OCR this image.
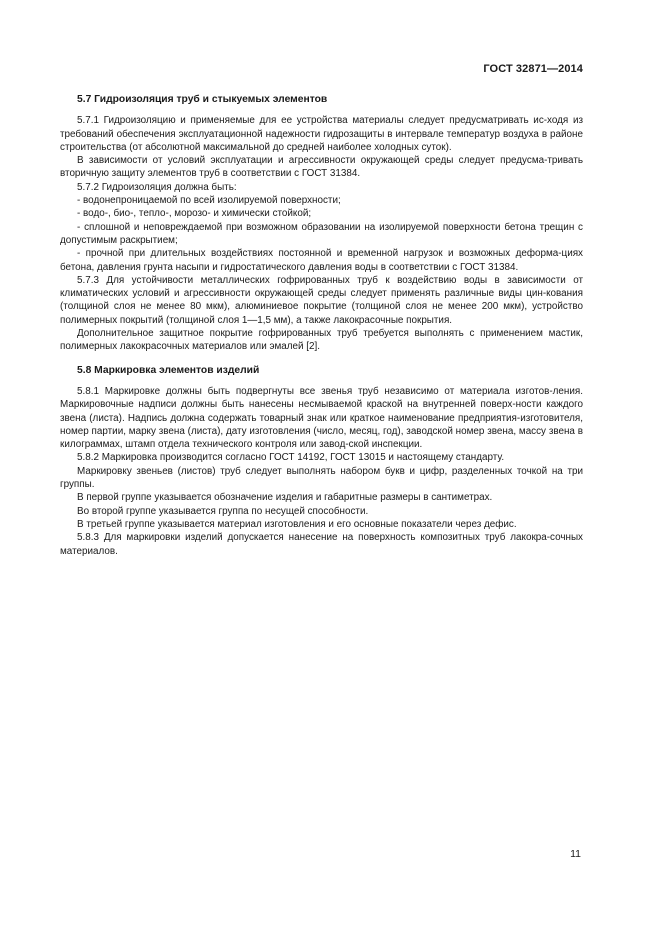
ГОСТ 32871—2014
5.7 Гидроизоляция труб и стыкуемых элементов

5.7.1 Гидроизоляцию и применяемые для ее устройства материалы следует предусматривать ис-ходя из требований обеспечения эксплуатационной надежности гидрозащиты в интервале температур воздуха в районе строительства (от абсолютной максимальной до средней наиболее холодных суток).

В зависимости от условий эксплуатации и агрессивности окружающей среды следует предусма-тривать вторичную защиту элементов труб в соответствии с ГОСТ 31384.

5.7.2 Гидроизоляция должна быть:

- водонепроницаемой по всей изолируемой поверхности;

- водо-, био-, тепло-, морозо- и химически стойкой;

- сплошной и неповреждаемой при возможном образовании на изолируемой поверхности бетона трещин с допустимым раскрытием;

- прочной при длительных воздействиях постоянной и временной нагрузок и возможных деформа-циях бетона, давления грунта насыпи и гидростатического давления воды в соответствии с ГОСТ 31384.

5.7.3 Для устойчивости металлических гофрированных труб к воздействию воды в зависимости от климатических условий и агрессивности окружающей среды следует применять различные виды цин-кования (толщиной слоя не менее 80 мкм), алюминиевое покрытие (толщиной слоя не менее 200 мкм), устройство полимерных покрытий (толщиной слоя 1—1,5 мм), а также лакокрасочные покрытия.

Дополнительное защитное покрытие гофрированных труб требуется выполнять с применением мастик, полимерных лакокрасочных материалов или эмалей [2].

5.8 Маркировка элементов изделий

5.8.1 Маркировке должны быть подвергнуты все звенья труб независимо от материала изготов-ления. Маркировочные надписи должны быть нанесены несмываемой краской на внутренней поверх-ности каждого звена (листа). Надпись должна содержать товарный знак или краткое наименование предприятия-изготовителя, номер партии, марку звена (листа), дату изготовления (число, месяц, год), заводской номер звена, массу звена в килограммах, штамп отдела технического контроля или завод-ской инспекции.

5.8.2 Маркировка производится согласно ГОСТ 14192, ГОСТ 13015 и настоящему стандарту.

Маркировку звеньев (листов) труб следует выполнять набором букв и цифр, разделенных точкой на три группы.

В первой группе указывается обозначение изделия и габаритные размеры в сантиметрах.

Во второй группе указывается группа по несущей способности.

В третьей группе указывается материал изготовления и его основные показатели через дефис.

5.8.3 Для маркировки изделий допускается нанесение на поверхность композитных труб лакокра-сочных материалов.

11
